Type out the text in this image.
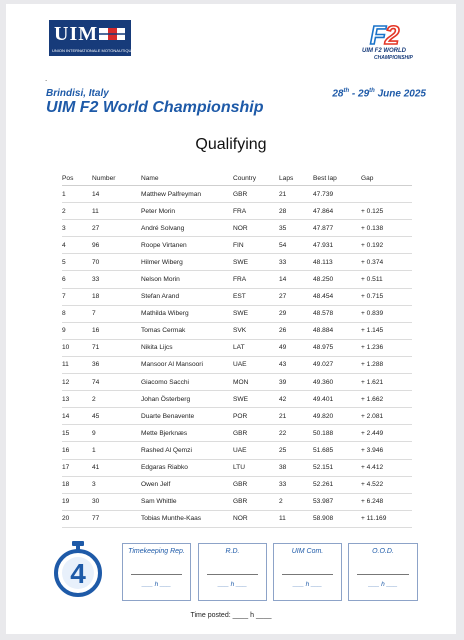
UIM
UNION INTERNATIONALE MOTONAUTIQUE
F2
UIM F2 WORLD
CHAMPIONSHIP
.
Brindisi, Italy	28th - 29th June 2025
UIM F2 World Championship
Qualifying
Pos	Number	Name	Country	Laps	Best lap	Gap
1	14	Matthew Palfreyman	GBR	21	47.739	
2	11	Peter Morin	FRA	28	47.864	+ 0.125
3	27	André Solvang	NOR	35	47.877	+ 0.138
4	96	Roope Virtanen	FIN	54	47.931	+ 0.192
5	70	Hilmer Wiberg	SWE	33	48.113	+ 0.374
6	33	Nelson Morin	FRA	14	48.250	+ 0.511
7	18	Stefan Arand	EST	27	48.454	+ 0.715
8	7	Mathilda Wiberg	SWE	29	48.578	+ 0.839
9	16	Tomas Cermak	SVK	26	48.884	+ 1.145
10	71	Nikita Lijcs	LAT	49	48.975	+ 1.236
11	36	Mansoor Al Mansoori	UAE	43	49.027	+ 1.288
12	74	Giacomo Sacchi	MON	39	49.360	+ 1.621
13	2	Johan Österberg	SWE	42	49.401	+ 1.662
14	45	Duarte Benavente	POR	21	49.820	+ 2.081
15	9	Mette Bjerknæs	GBR	22	50.188	+ 2.449
16	1	Rashed Al Qemzi	UAE	25	51.685	+ 3.946
17	41	Edgaras Riabko	LTU	38	52.151	+ 4.412
18	3	Owen Jelf	GBR	33	52.261	+ 4.522
19	30	Sam Whittle	GBR	2	53.987	+ 6.248
20	77	Tobias Munthe-Kaas	NOR	11	58.908	+ 11.169
4
Timekeeping Rep.
___ h ___
R.D.
___ h ___
UIM Com.
___ h ___
O.O.D.
___ h ___
Time posted: ____ h ____
